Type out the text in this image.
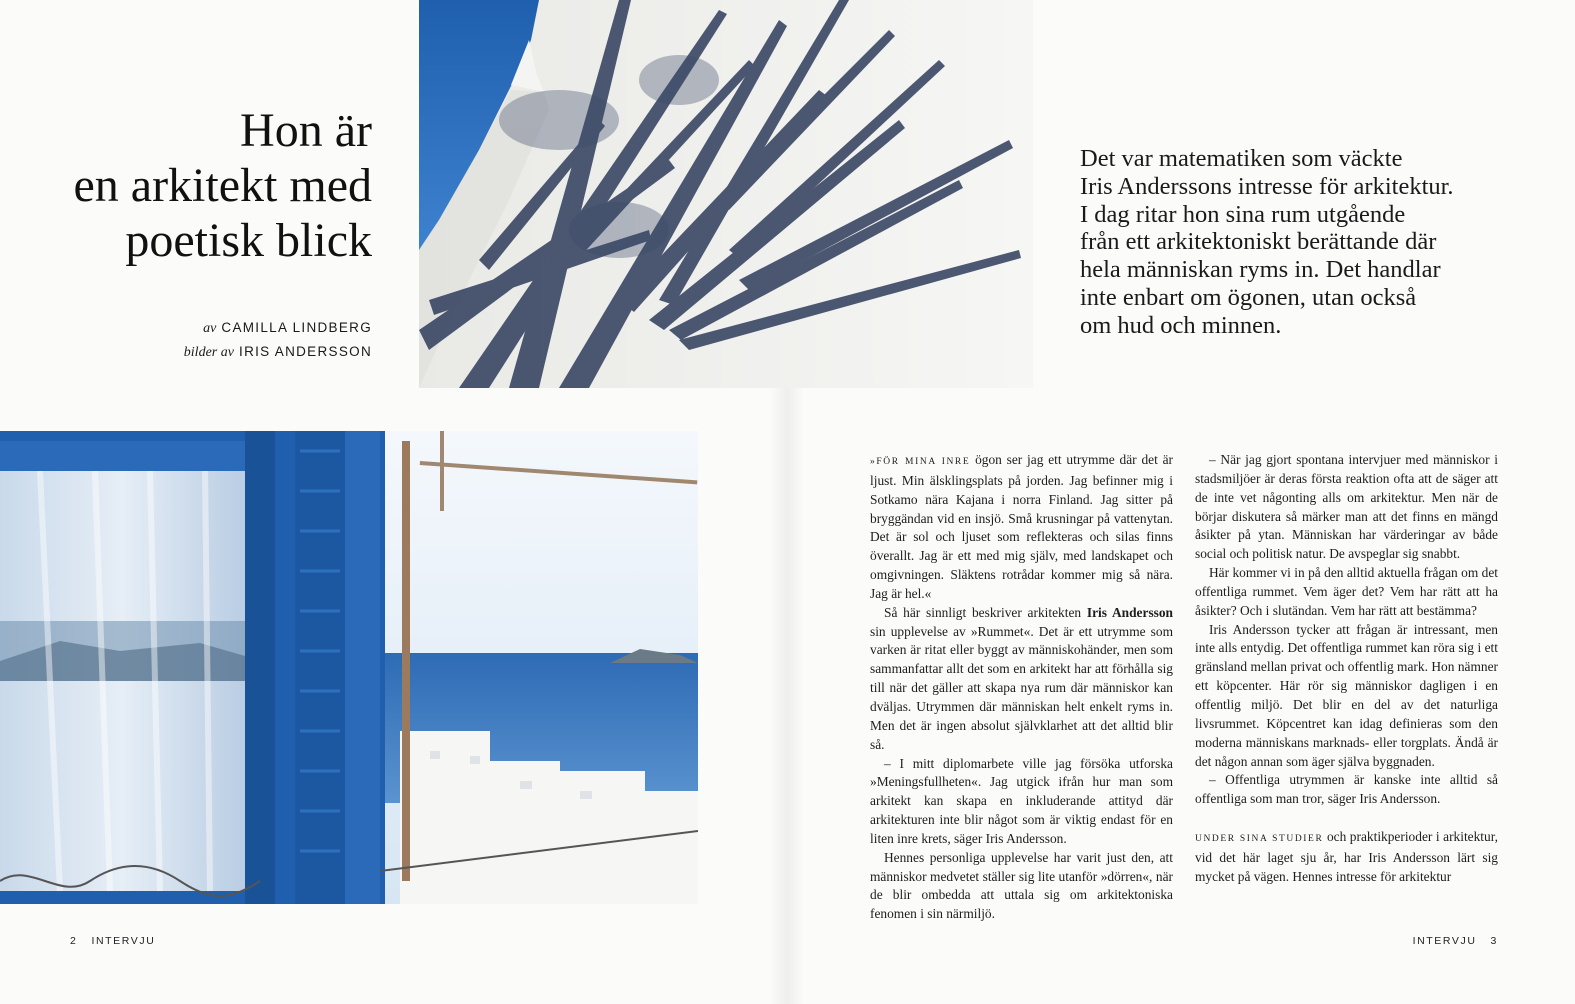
Hon är
en arkitekt med
poetisk blick
av CAMILLA LINDBERG
bilder av IRIS ANDERSSON
Det var matematiken som väckte
Iris Anderssons intresse för arkitektur.
I dag ritar hon sina rum utgående
från ett arkitektoniskt berättande där
hela människan ryms in. Det handlar
inte enbart om ögonen, utan också
om hud och minnen.

»FÖR MINA INRE ögon ser jag ett utrymme där det är ljust. Min älsklingsplats på jorden. Jag befinner mig i Sotkamo nära Kajana i norra Finland. Jag sitter på bryggändan vid en insjö. Små krusningar på vattenytan. Det är sol och ljuset som reflekteras och silas finns överallt. Jag är ett med mig själv, med landskapet och omgivningen. Släktens rotrådar kommer mig så nära. Jag är hel.«

Så här sinnligt beskriver arkitekten Iris Andersson sin upplevelse av »Rummet«. Det är ett utrymme som varken är ritat eller byggt av människohänder, men som sammanfattar allt det som en arkitekt har att förhålla sig till när det gäller att skapa nya rum där människor kan dväljas. Utrymmen där människan helt enkelt ryms in. Men det är ingen absolut självklarhet att det alltid blir så.

– I mitt diplomarbete ville jag försöka utforska »Meningsfullheten«. Jag utgick ifrån hur man som arkitekt kan skapa en inkluderande attityd där arkitekturen inte blir något som är viktig endast för en liten inre krets, säger Iris Andersson.

Hennes personliga upplevelse har varit just den, att människor medvetet ställer sig lite utanför »dörren«, när de blir ombedda att uttala sig om arkitektoniska fenomen i sin närmiljö.

– När jag gjort spontana intervjuer med människor i stadsmiljöer är deras första reaktion ofta att de säger att de inte vet någonting alls om arkitektur. Men när de börjar diskutera så märker man att det finns en mängd åsikter på ytan. Människan har värderingar av både social och politisk natur. De avspeglar sig snabbt.

Här kommer vi in på den alltid aktuella frågan om det offentliga rummet. Vem äger det? Vem har rätt att ha åsikter? Och i slutändan. Vem har rätt att bestämma?

Iris Andersson tycker att frågan är intressant, men inte alls entydig. Det offentliga rummet kan röra sig i ett gränsland mellan privat och offentlig mark. Hon nämner ett köpcenter. Här rör sig människor dagligen i en offentlig miljö. Det blir en del av det naturliga livsrummet. Köpcentret kan idag definieras som den moderna människans marknads- eller torgplats. Ändå är det någon annan som äger själva byggnaden.

– Offentliga utrymmen är kanske inte alltid så offentliga som man tror, säger Iris Andersson.

UNDER SINA STUDIER och praktikperioder i arkitektur, vid det här laget sju år, har Iris Andersson lärt sig mycket på vägen. Hennes intresse för arkitektur

2 INTERVJU	INTERVJU 3
